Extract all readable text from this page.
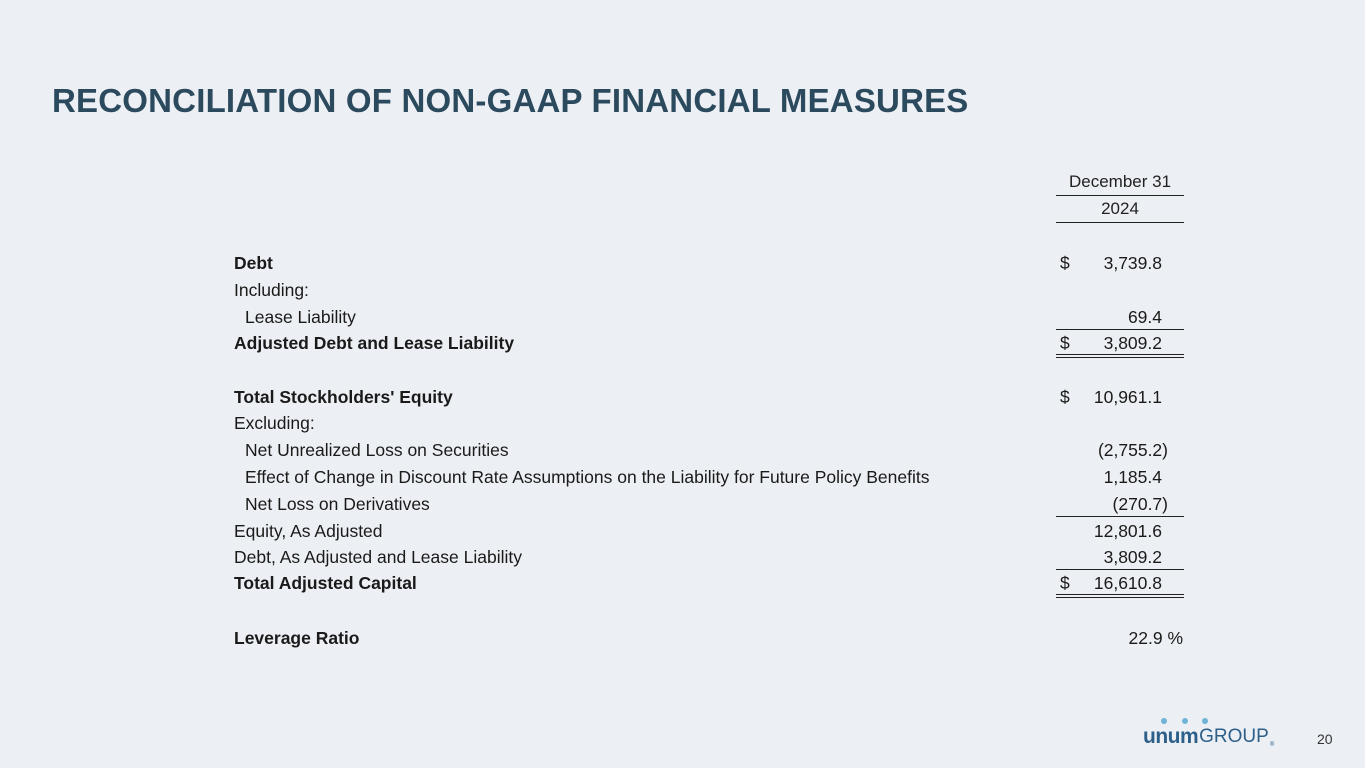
RECONCILIATION OF NON-GAAP FINANCIAL MEASURES
December 31
2024
Debt	$ 3,739.8
Including:
Lease Liability	69.4
Adjusted Debt and Lease Liability	$ 3,809.2
Total Stockholders' Equity	$ 10,961.1
Excluding:
Net Unrealized Loss on Securities	(2,755.2)
Effect of Change in Discount Rate Assumptions on the Liability for Future Policy Benefits	1,185.4
Net Loss on Derivatives	(270.7)
Equity, As Adjusted	12,801.6
Debt, As Adjusted and Lease Liability	3,809.2
Total Adjusted Capital	$ 16,610.8
Leverage Ratio	22.9 %
unum GROUP ®	20
